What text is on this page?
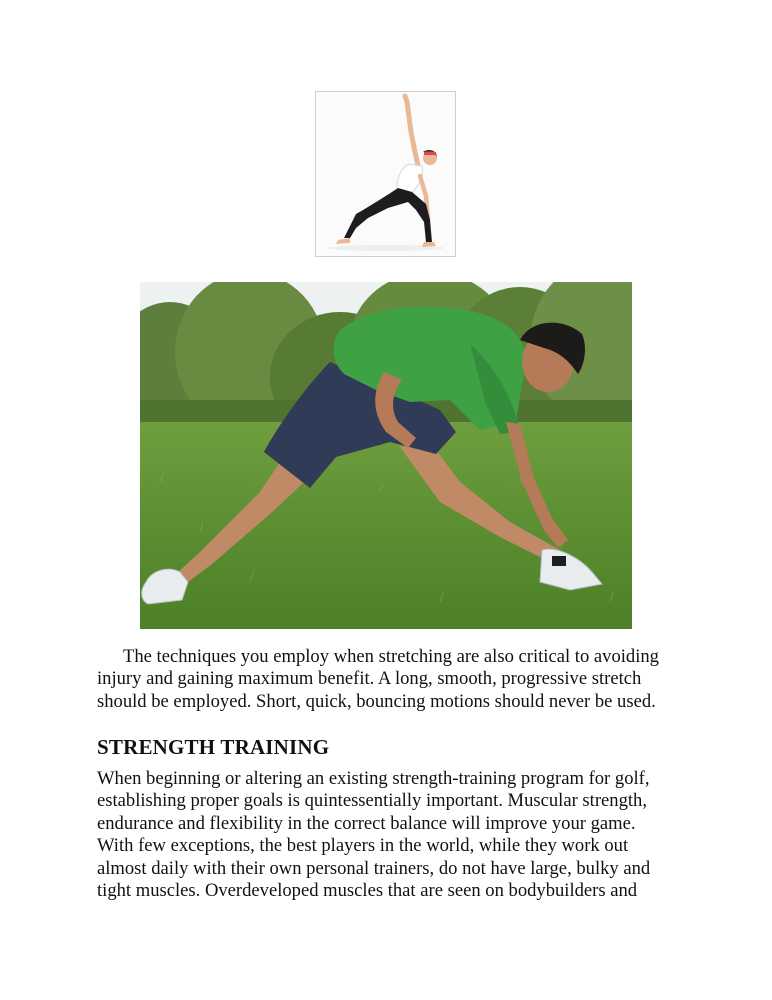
The techniques you employ when stretching are also critical to avoiding
injury and gaining maximum benefit. A long, smooth, progressive stretch
should be employed. Short, quick, bouncing motions should never be used.

STRENGTH TRAINING

When beginning or altering an existing strength-training program for golf,
establishing proper goals is quintessentially important. Muscular strength,
endurance and flexibility in the correct balance will improve your game.
With few exceptions, the best players in the world, while they work out
almost daily with their own personal trainers, do not have large, bulky and
tight muscles. Overdeveloped muscles that are seen on bodybuilders and
